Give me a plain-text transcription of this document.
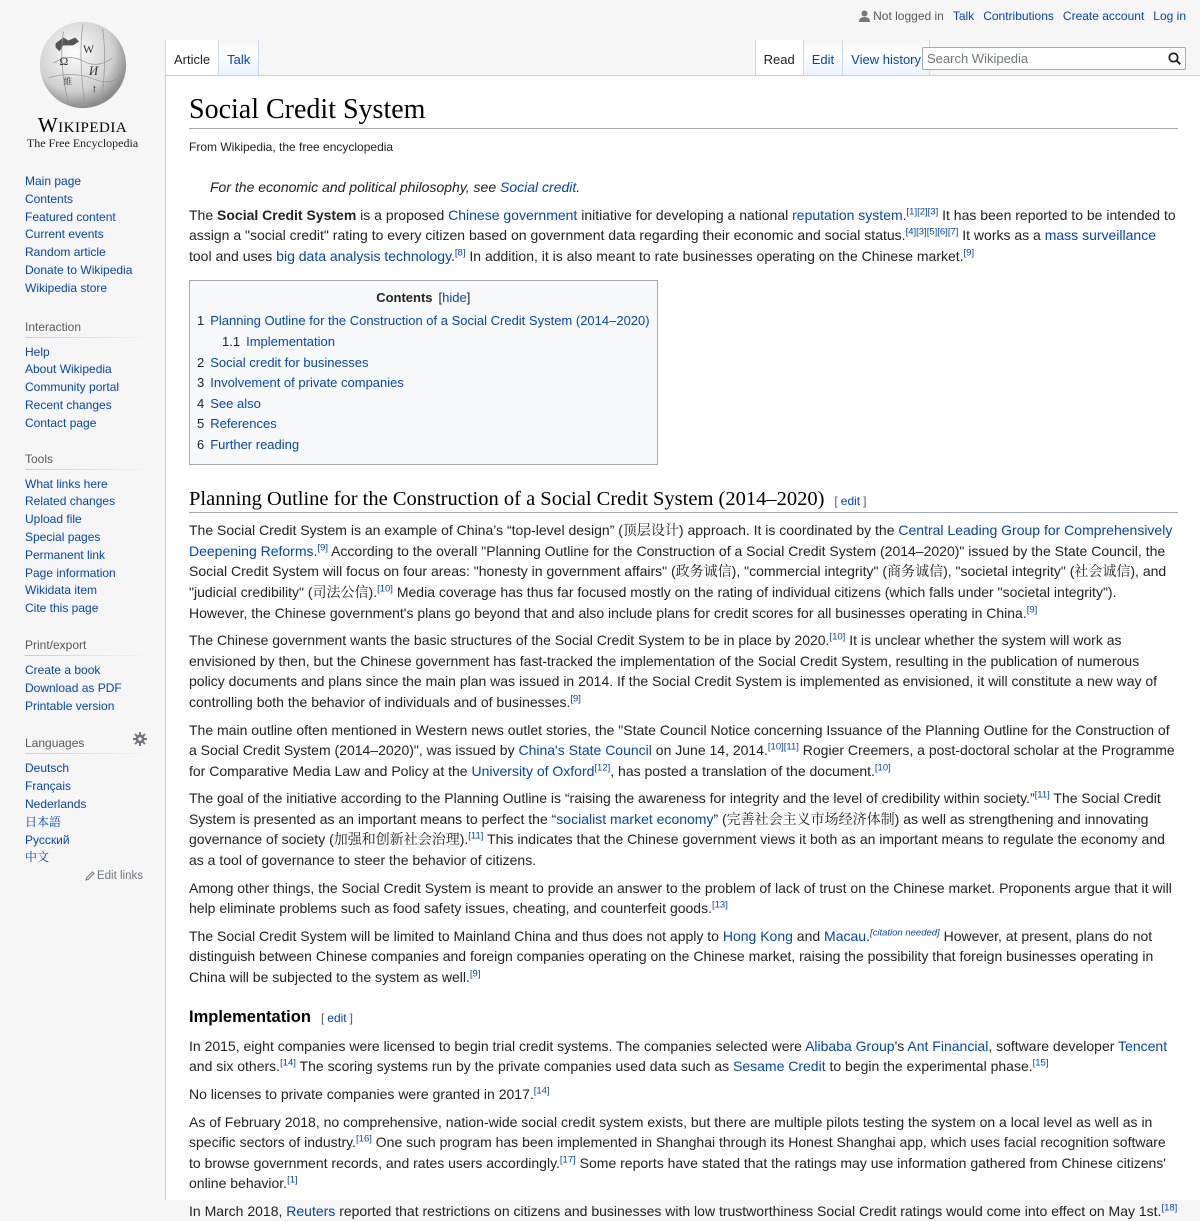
Ω
W
И
維
ז
Wikipedia
The Free Encyclopedia
Not logged in Talk Contributions Create account Log in
Article	Talk	Read	Edit	View history
Search Wikipedia
Main page
Contents
Featured content
Current events
Random article
Donate to Wikipedia
Wikipedia store
Interaction
Help
About Wikipedia
Community portal
Recent changes
Contact page
Tools
What links here
Related changes
Upload file
Special pages
Permanent link
Page information
Wikidata item
Cite this page
Print/export
Create a book
Download as PDF
Printable version
Languages
Deutsch
Français
Nederlands
日本語
Русский
中文
Edit links
Social Credit System
From Wikipedia, the free encyclopedia
For the economic and political philosophy, see Social credit.

The Social Credit System is a proposed Chinese government initiative for developing a national reputation system.[1][2][3] It has been reported to be intended to assign a "social credit" rating to every citizen based on government data regarding their economic and social status.[4][3][5][6][7] It works as a mass surveillance tool and uses big data analysis technology.[8] In addition, it is also meant to rate businesses operating on the Chinese market.[9]

Contents [hide]
1 Planning Outline for the Construction of a Social Credit System (2014–2020)
1.1 Implementation
2 Social credit for businesses
3 Involvement of private companies
4 See also
5 References
6 Further reading
Planning Outline for the Construction of a Social Credit System (2014–2020) [ edit ]

The Social Credit System is an example of China’s “top-level design” (顶层设计) approach. It is coordinated by the Central Leading Group for Comprehensively Deepening Reforms.[9] According to the overall "Planning Outline for the Construction of a Social Credit System (2014–2020)" issued by the State Council, the Social Credit System will focus on four areas: "honesty in government affairs" (政务诚信), "commercial integrity" (商务诚信), "societal integrity" (社会诚信), and "judicial credibility" (司法公信).[10] Media coverage has thus far focused mostly on the rating of individual citizens (which falls under "societal integrity"). However, the Chinese government's plans go beyond that and also include plans for credit scores for all businesses operating in China.[9]

The Chinese government wants the basic structures of the Social Credit System to be in place by 2020.[10] It is unclear whether the system will work as envisioned by then, but the Chinese government has fast-tracked the implementation of the Social Credit System, resulting in the publication of numerous policy documents and plans since the main plan was issued in 2014. If the Social Credit System is implemented as envisioned, it will constitute a new way of controlling both the behavior of individuals and of businesses.[9]

The main outline often mentioned in Western news outlet stories, the "State Council Notice concerning Issuance of the Planning Outline for the Construction of a Social Credit System (2014–2020)", was issued by China's State Council on June 14, 2014.[10][11] Rogier Creemers, a post-doctoral scholar at the Programme for Comparative Media Law and Policy at the University of Oxford[12], has posted a translation of the document.[10]

The goal of the initiative according to the Planning Outline is “raising the awareness for integrity and the level of credibility within society.”[11] The Social Credit System is presented as an important means to perfect the “socialist market economy” (完善社会主义市场经济体制) as well as strengthening and innovating governance of society (加强和创新社会治理).[11] This indicates that the Chinese government views it both as an important means to regulate the economy and as a tool of governance to steer the behavior of citizens.

Among other things, the Social Credit System is meant to provide an answer to the problem of lack of trust on the Chinese market. Proponents argue that it will help eliminate problems such as food safety issues, cheating, and counterfeit goods.[13]

The Social Credit System will be limited to Mainland China and thus does not apply to Hong Kong and Macau.[citation needed] However, at present, plans do not distinguish between Chinese companies and foreign companies operating on the Chinese market, raising the possibility that foreign businesses operating in China will be subjected to the system as well.[9]

Implementation [ edit ]

In 2015, eight companies were licensed to begin trial credit systems. The companies selected were Alibaba Group's Ant Financial, software developer Tencent and six others.[14] The scoring systems run by the private companies used data such as Sesame Credit to begin the experimental phase.[15]

No licenses to private companies were granted in 2017.[14]

As of February 2018, no comprehensive, nation-wide social credit system exists, but there are multiple pilots testing the system on a local level as well as in specific sectors of industry.[16] One such program has been implemented in Shanghai through its Honest Shanghai app, which uses facial recognition software to browse government records, and rates users accordingly.[17] Some reports have stated that the ratings may use information gathered from Chinese citizens' online behavior.[1]

In March 2018, Reuters reported that restrictions on citizens and businesses with low trustworthiness Social Credit ratings would come into effect on May 1st.[18]
